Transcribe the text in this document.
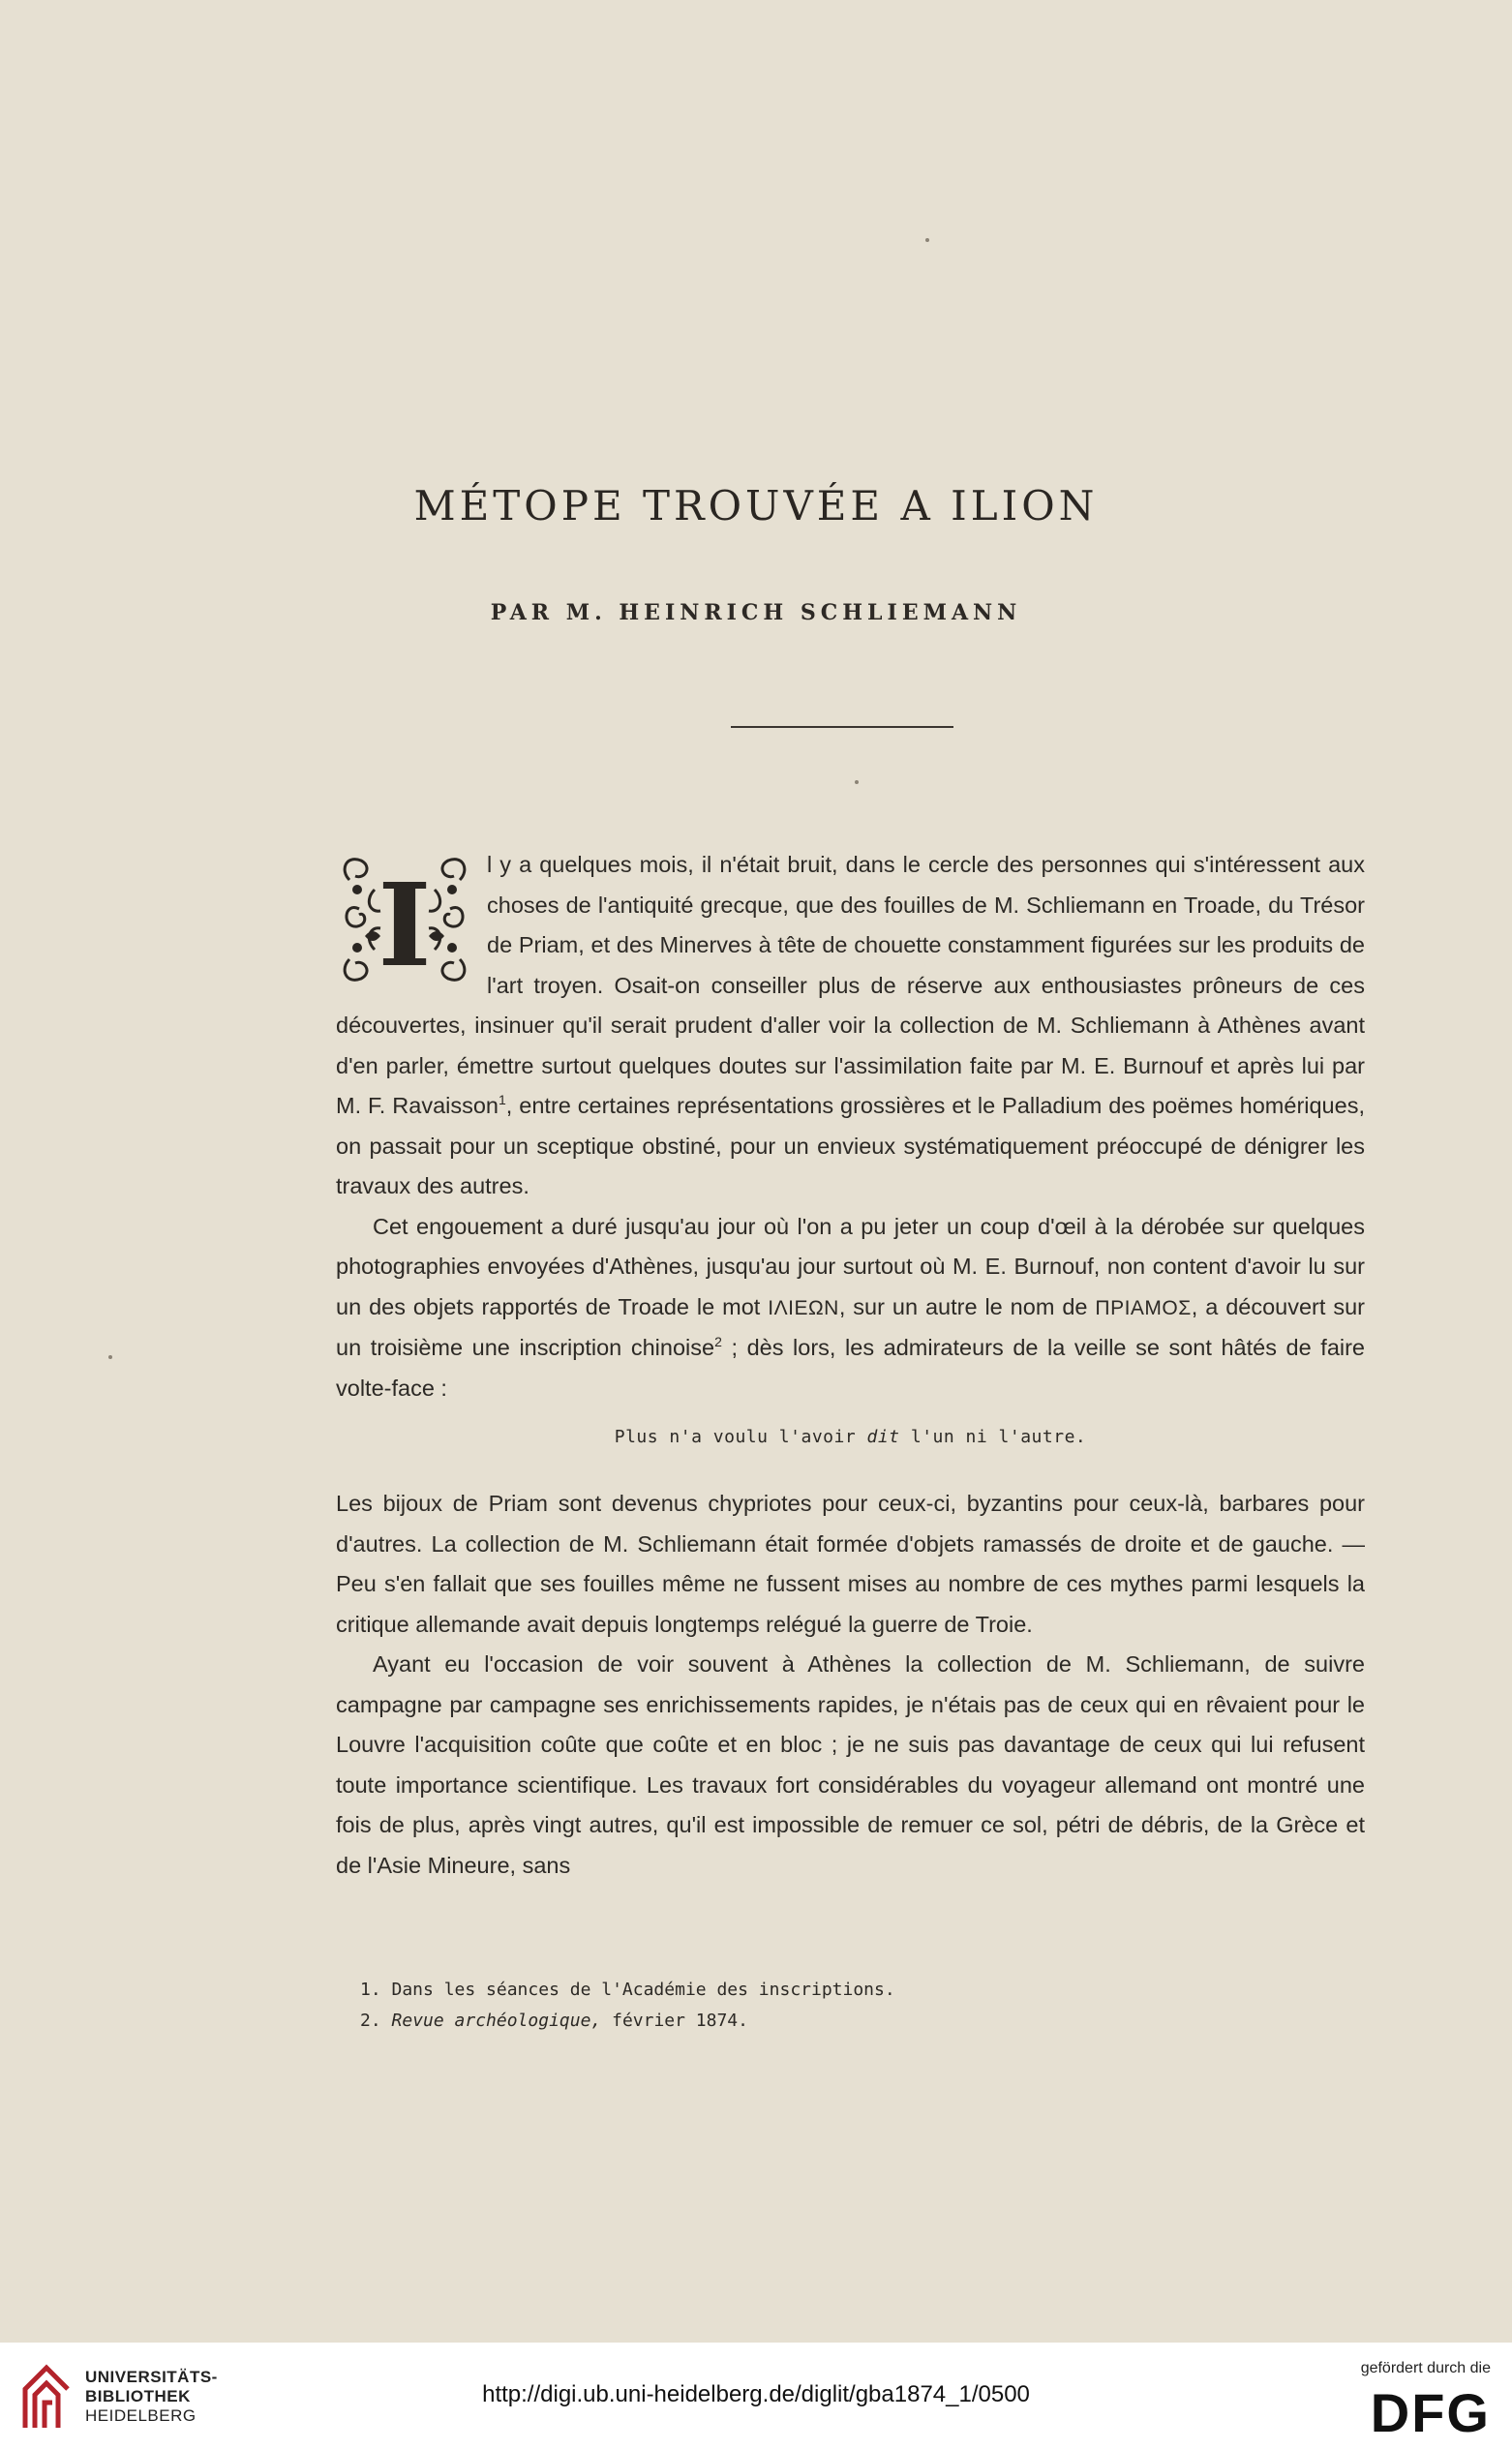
MÉTOPE TROUVÉE A ILION
PAR M. HEINRICH SCHLIEMANN

I l y a quelques mois, il n'était bruit, dans le cercle des personnes qui s'intéressent aux choses de l'antiquité grecque, que des fouilles de M. Schliemann en Troade, du Trésor de Priam, et des Minerves à tête de chouette constamment figurées sur les produits de l'art troyen. Osait-on conseiller plus de réserve aux enthousiastes prôneurs de ces découvertes, insinuer qu'il serait prudent d'aller voir la collection de M. Schliemann à Athènes avant d'en parler, émettre surtout quelques doutes sur l'assimilation faite par M. E. Burnouf et après lui par M. F. Ravaisson$^1$, entre certaines représentations grossières et le Palladium des poëmes homériques, on passait pour un sceptique obstiné, pour un envieux systématiquement préoccupé de dénigrer les travaux des autres.

Cet engouement a duré jusqu'au jour où l'on a pu jeter un coup d'œil à la dérobée sur quelques photographies envoyées d'Athènes, jusqu'au jour surtout où M. E. Burnouf, non content d'avoir lu sur un des objets rapportés de Troade le mot ΙΛΙΕΩΝ, sur un autre le nom de ΠΡΙΑΜΟΣ, a découvert sur un troisième une inscription chinoise$^2$ ; dès lors, les admirateurs de la veille se sont hâtés de faire volte-face :

Plus n'a voulu l'avoir dit l'un ni l'autre.

Les bijoux de Priam sont devenus chypriotes pour ceux-ci, byzantins pour ceux-là, barbares pour d'autres. La collection de M. Schliemann était formée d'objets ramassés de droite et de gauche. — Peu s'en fallait que ses fouilles même ne fussent mises au nombre de ces mythes parmi lesquels la critique allemande avait depuis longtemps relégué la guerre de Troie.

Ayant eu l'occasion de voir souvent à Athènes la collection de M. Schliemann, de suivre campagne par campagne ses enrichissements rapides, je n'étais pas de ceux qui en rêvaient pour le Louvre l'acquisition coûte que coûte et en bloc ; je ne suis pas davantage de ceux qui lui refusent toute importance scientifique. Les travaux fort considérables du voyageur allemand ont montré une fois de plus, après vingt autres, qu'il est impossible de remuer ce sol, pétri de débris, de la Grèce et de l'Asie Mineure, sans

1. Dans les séances de l'Académie des inscriptions.
2. Revue archéologique, février 1874.
UNIVERSITÄTS-
BIBLIOTHEK
HEIDELBERG
http://digi.ub.uni-heidelberg.de/diglit/gba1874_1/0500
gefördert durch die
DFG
